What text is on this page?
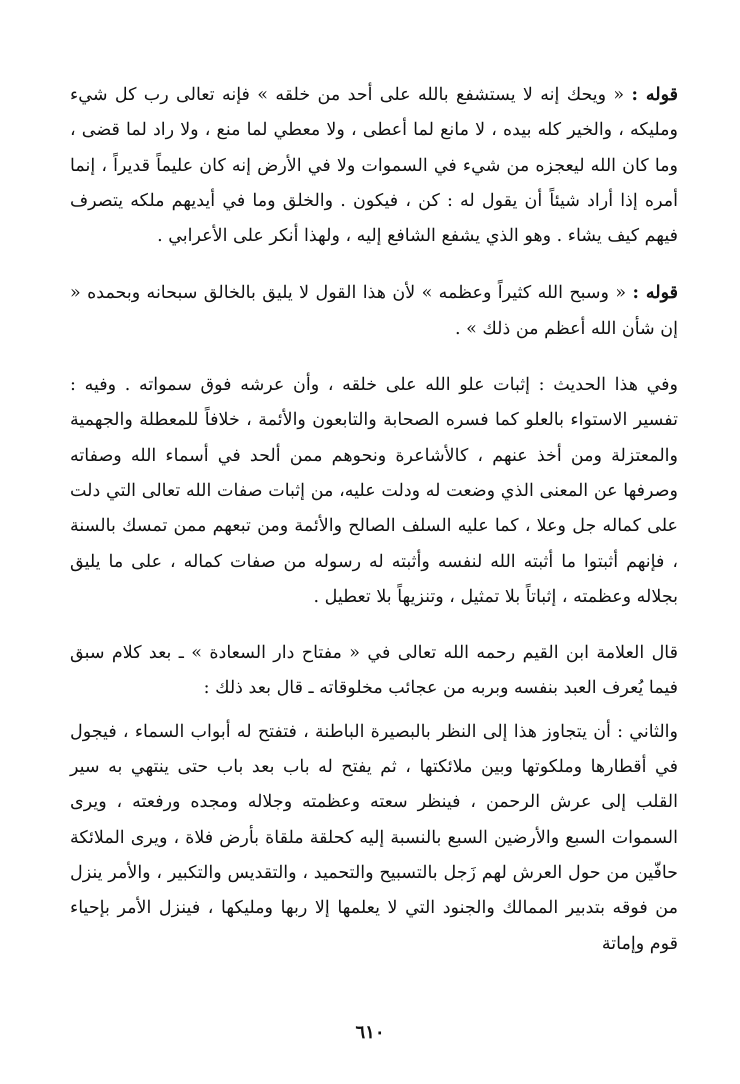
قوله : « ويحك إنه لا يستشفع بالله على أحد من خلقه » فإنه تعالى رب كل شيء ومليكه ، والخير كله بيده ، لا مانع لما أعطى ، ولا معطي لما منع ، ولا راد لما قضى ، وما كان الله ليعجزه من شيء في السموات ولا في الأرض إنه كان عليماً قديراً ، إنما أمره إذا أراد شيئاً أن يقول له : كن ، فيكون . والخلق وما في أيديهم ملكه يتصرف فيهم كيف يشاء . وهو الذي يشفع الشافع إليه ، ولهذا أنكر على الأعرابي .

قوله : « وسبح الله كثيراً وعظمه » لأن هذا القول لا يليق بالخالق سبحانه وبحمده « إن شأن الله أعظم من ذلك » .

وفي هذا الحديث : إثبات علو الله على خلقه ، وأن عرشه فوق سمواته . وفيه : تفسير الاستواء بالعلو كما فسره الصحابة والتابعون والأئمة ، خلافاً للمعطلة والجهمية والمعتزلة ومن أخذ عنهم ، كالأشاعرة ونحوهم ممن ألحد في أسماء الله وصفاته وصرفها عن المعنى الذي وضعت له ودلت عليه، من إثبات صفات الله تعالى التي دلت على كماله جل وعلا ، كما عليه السلف الصالح والأئمة ومن تبعهم ممن تمسك بالسنة ، فإنهم أثبتوا ما أثبته الله لنفسه وأثبته له رسوله من صفات كماله ، على ما يليق بجلاله وعظمته ، إثباتاً بلا تمثيل ، وتنزيهاً بلا تعطيل .

قال العلامة ابن القيم رحمه الله تعالى في « مفتاح دار السعادة » ـ بعد كلام سبق فيما يُعرف العبد بنفسه وبربه من عجائب مخلوقاته ـ قال بعد ذلك :

والثاني : أن يتجاوز هذا إلى النظر بالبصيرة الباطنة ، فتفتح له أبواب السماء ، فيجول في أقطارها وملكوتها وبين ملائكتها ، ثم يفتح له باب بعد باب حتى ينتهي به سير القلب إلى عرش الرحمن ، فينظر سعته وعظمته وجلاله ومجده ورفعته ، ويرى السموات السبع والأرضين السبع بالنسبة إليه كحلقة ملقاة بأرض فلاة ، ويرى الملائكة حافّين من حول العرش لهم زَجل بالتسبيح والتحميد ، والتقديس والتكبير ، والأمر ينزل من فوقه بتدبير الممالك والجنود التي لا يعلمها إلا ربها ومليكها ، فينزل الأمر بإحياء قوم وإماتة

٦١٠
